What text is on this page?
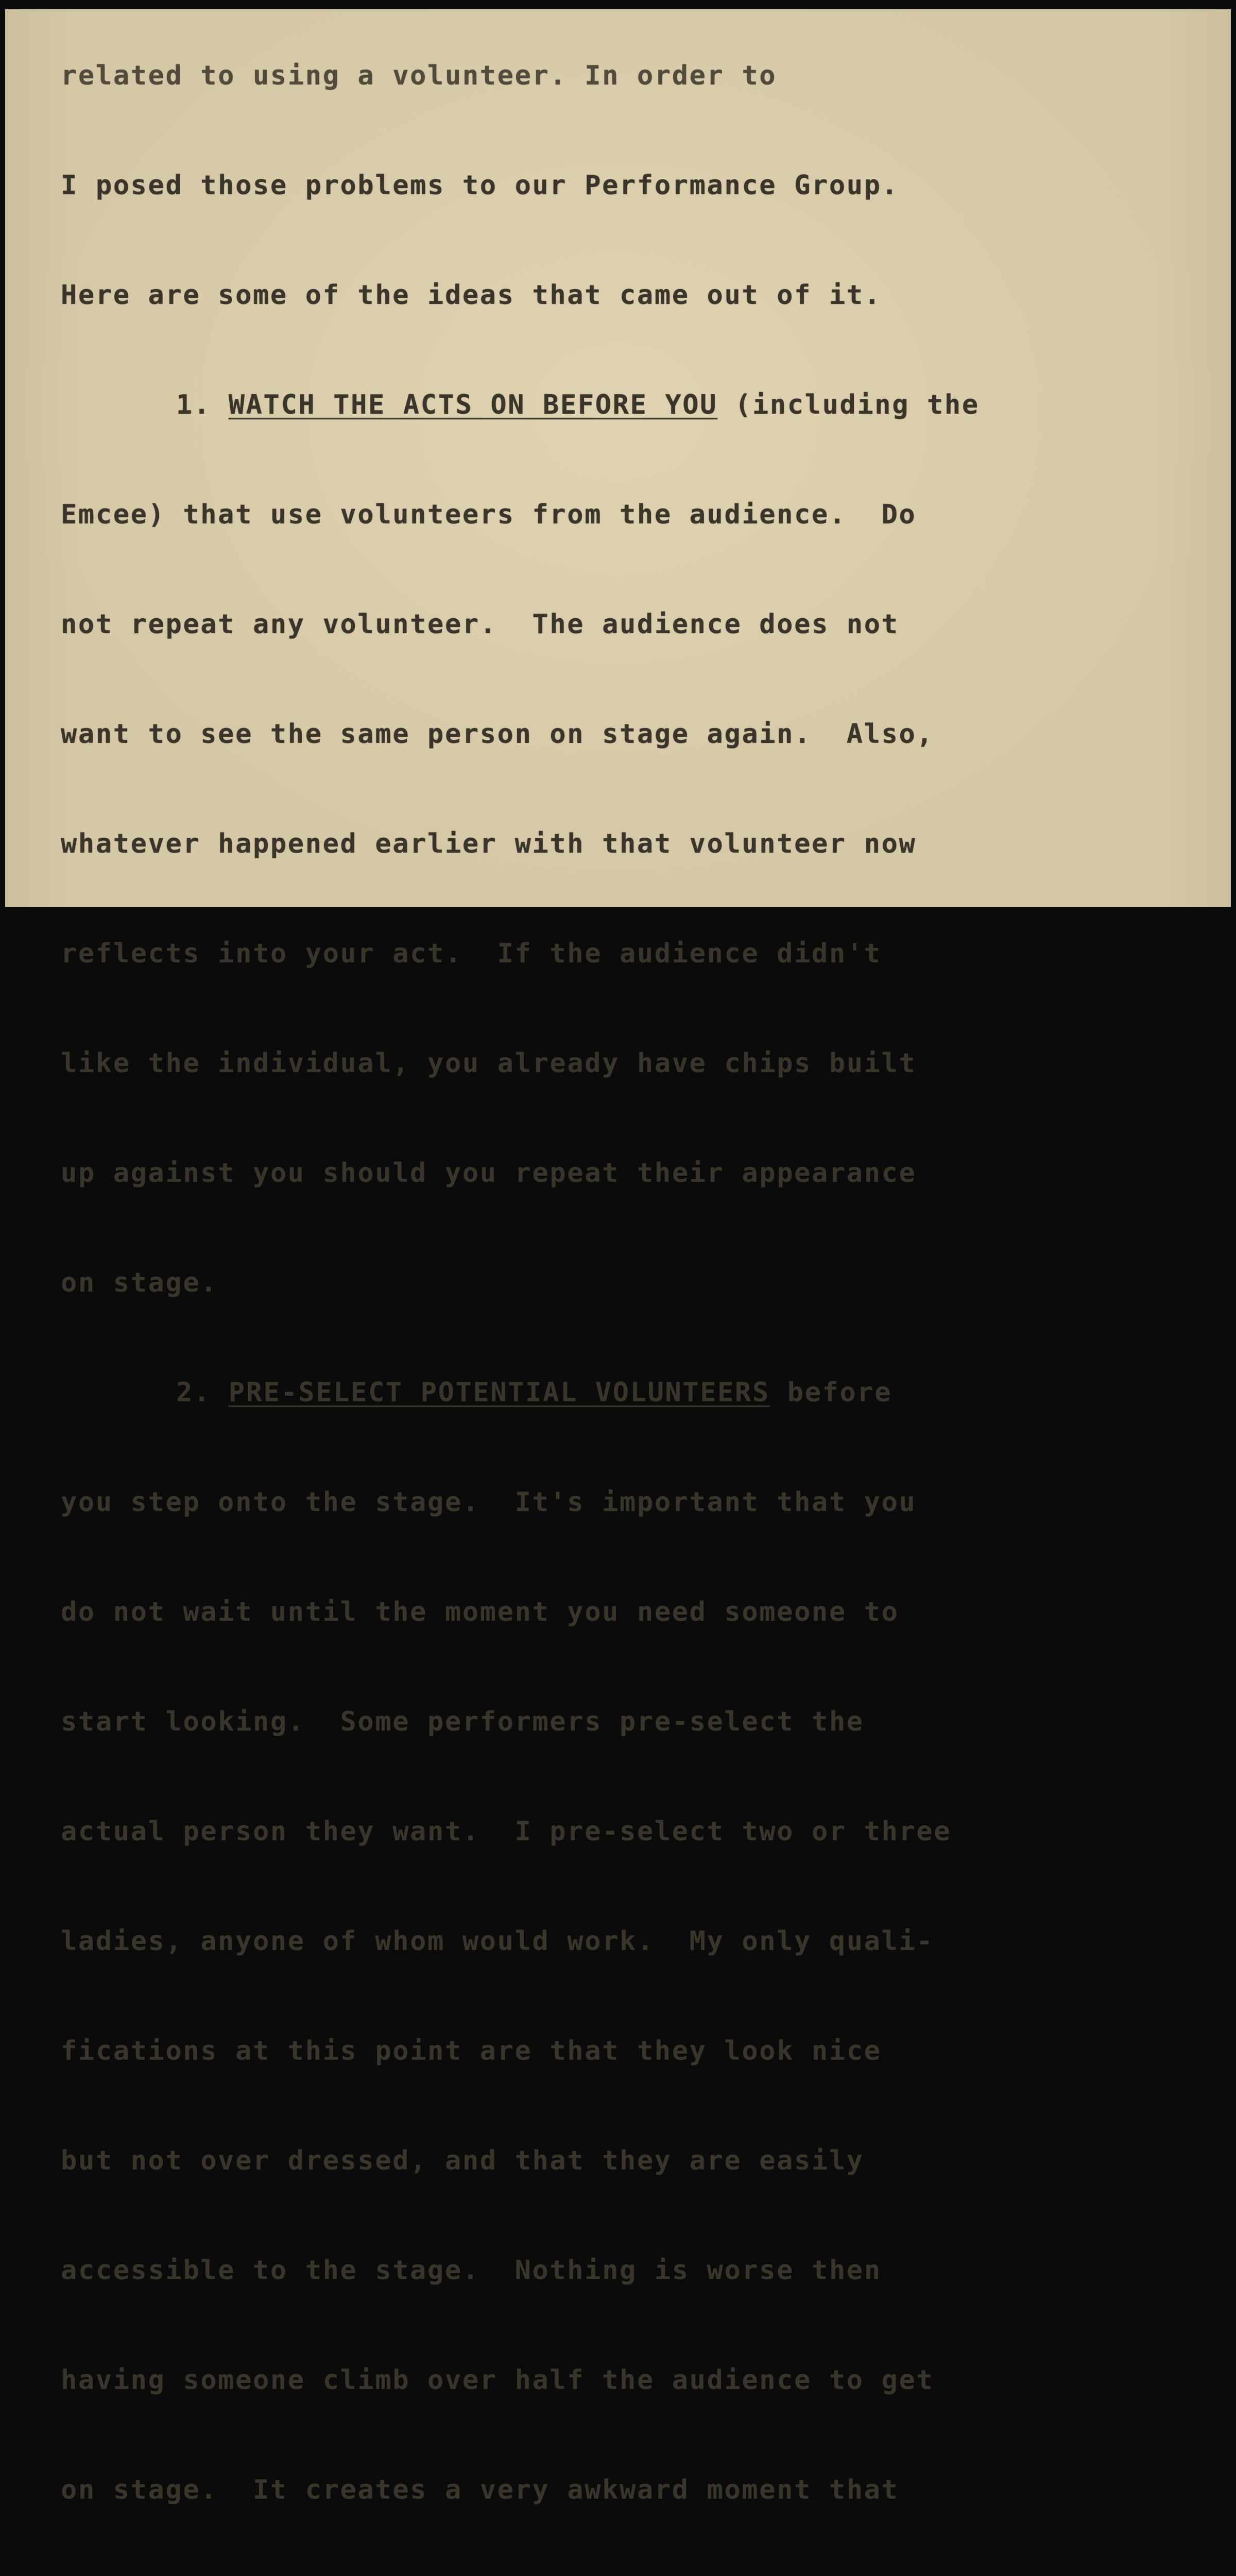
related to using a volunteer. In order to

I posed those problems to our Performance Group.

Here are some of the ideas that came out of it.

1. WATCH THE ACTS ON BEFORE YOU (including the

Emcee) that use volunteers from the audience.  Do

not repeat any volunteer.  The audience does not

want to see the same person on stage again.  Also,

whatever happened earlier with that volunteer now

reflects into your act.  If the audience didn't

like the individual, you already have chips built

up against you should you repeat their appearance

on stage.

2. PRE-SELECT POTENTIAL VOLUNTEERS before

you step onto the stage.  It's important that you

do not wait until the moment you need someone to

start looking.  Some performers pre-select the

actual person they want.  I pre-select two or three

ladies, anyone of whom would work.  My only quali-

fications at this point are that they look nice

but not over dressed, and that they are easily

accessible to the stage.  Nothing is worse then

having someone climb over half the audience to get

on stage.  It creates a very awkward moment that
